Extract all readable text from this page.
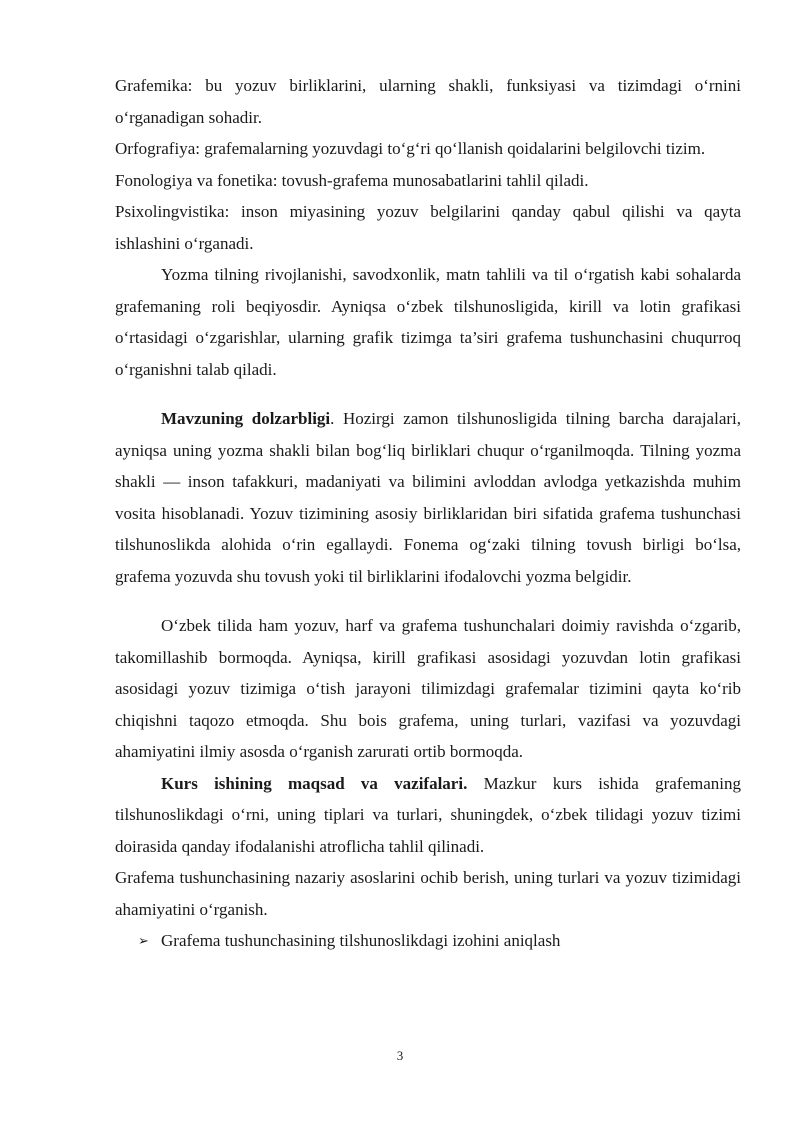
Grafemika: bu yozuv birliklarini, ularning shakli, funksiyasi va tizimdagi o‘rnini o‘rganadigan sohadir.

Orfografiya: grafemalarning yozuvdagi to‘g‘ri qo‘llanish qoidalarini belgilovchi tizim.

Fonologiya va fonetika: tovush-grafema munosabatlarini tahlil qiladi.

Psixolingvistika: inson miyasining yozuv belgilarini qanday qabul qilishi va qayta ishlashini o‘rganadi.

Yozma tilning rivojlanishi, savodxonlik, matn tahlili va til o‘rgatish kabi sohalarda grafemaning roli beqiyosdir. Ayniqsa o‘zbek tilshunosligida, kirill va lotin grafikasi o‘rtasidagi o‘zgarishlar, ularning grafik tizimga ta’siri grafema tushunchasini chuqurroq o‘rganishni talab qiladi.

Mavzuning dolzarbligi. Hozirgi zamon tilshunosligida tilning barcha darajalari, ayniqsa uning yozma shakli bilan bog‘liq birliklari chuqur o‘rganilmoqda. Tilning yozma shakli — inson tafakkuri, madaniyati va bilimini avloddan avlodga yetkazishda muhim vosita hisoblanadi. Yozuv tizimining asosiy birliklaridan biri sifatida grafema tushunchasi tilshunoslikda alohida o‘rin egallaydi. Fonema og‘zaki tilning tovush birligi bo‘lsa, grafema yozuvda shu tovush yoki til birliklarini ifodalovchi yozma belgidir.

O‘zbek tilida ham yozuv, harf va grafema tushunchalari doimiy ravishda o‘zgarib, takomillashib bormoqda. Ayniqsa, kirill grafikasi asosidagi yozuvdan lotin grafikasi asosidagi yozuv tizimiga o‘tish jarayoni tilimizdagi grafemalar tizimini qayta ko‘rib chiqishni taqozo etmoqda. Shu bois grafema, uning turlari, vazifasi va yozuvdagi ahamiyatini ilmiy asosda o‘rganish zarurati ortib bormoqda.

Kurs ishining maqsad va vazifalari. Mazkur kurs ishida grafemaning tilshunoslikdagi o‘rni, uning tiplari va turlari, shuningdek, o‘zbek tilidagi yozuv tizimi doirasida qanday ifodalanishi atroflicha tahlil qilinadi.

Grafema tushunchasining nazariy asoslarini ochib berish, uning turlari va yozuv tizimidagi ahamiyatini o‘rganish.

➢ Grafema tushunchasining tilshunoslikdagi izohini aniqlash

3
